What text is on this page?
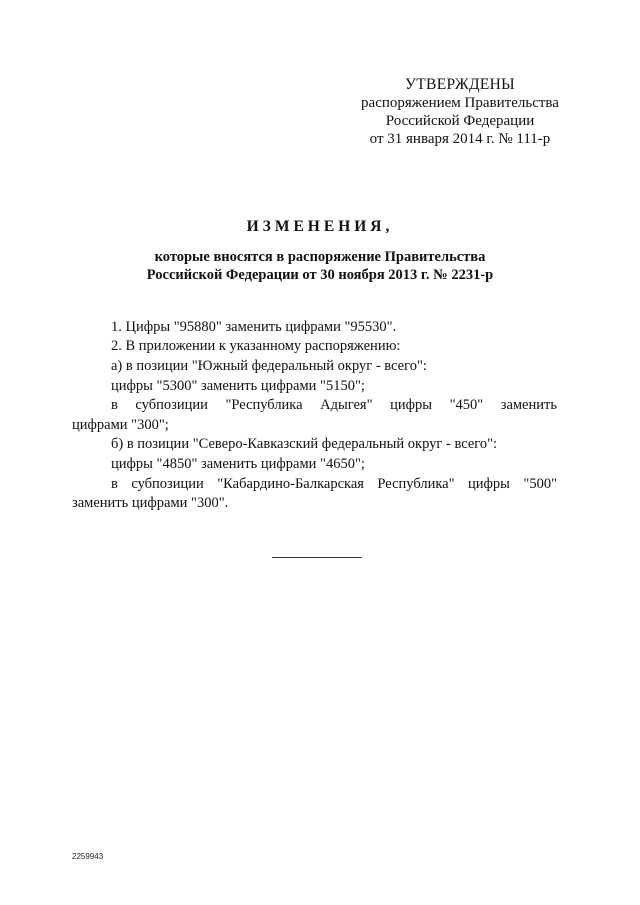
УТВЕРЖДЕНЫ
распоряжением Правительства
Российской Федерации
от 31 января 2014 г. № 111-р
ИЗМЕНЕНИЯ,
которые вносятся в распоряжение Правительства
Российской Федерации от 30 ноября 2013 г. № 2231-р
1. Цифры "95880" заменить цифрами "95530".
2. В приложении к указанному распоряжению:
а) в позиции "Южный федеральный округ - всего":
цифры "5300" заменить цифрами "5150";
в субпозиции "Республика Адыгея" цифры "450" заменить
цифрами "300";
б) в позиции "Северо-Кавказский федеральный округ - всего":
цифры "4850" заменить цифрами "4650";
в субпозиции "Кабардино-Балкарская Республика" цифры "500"
заменить цифрами "300".
2259943
